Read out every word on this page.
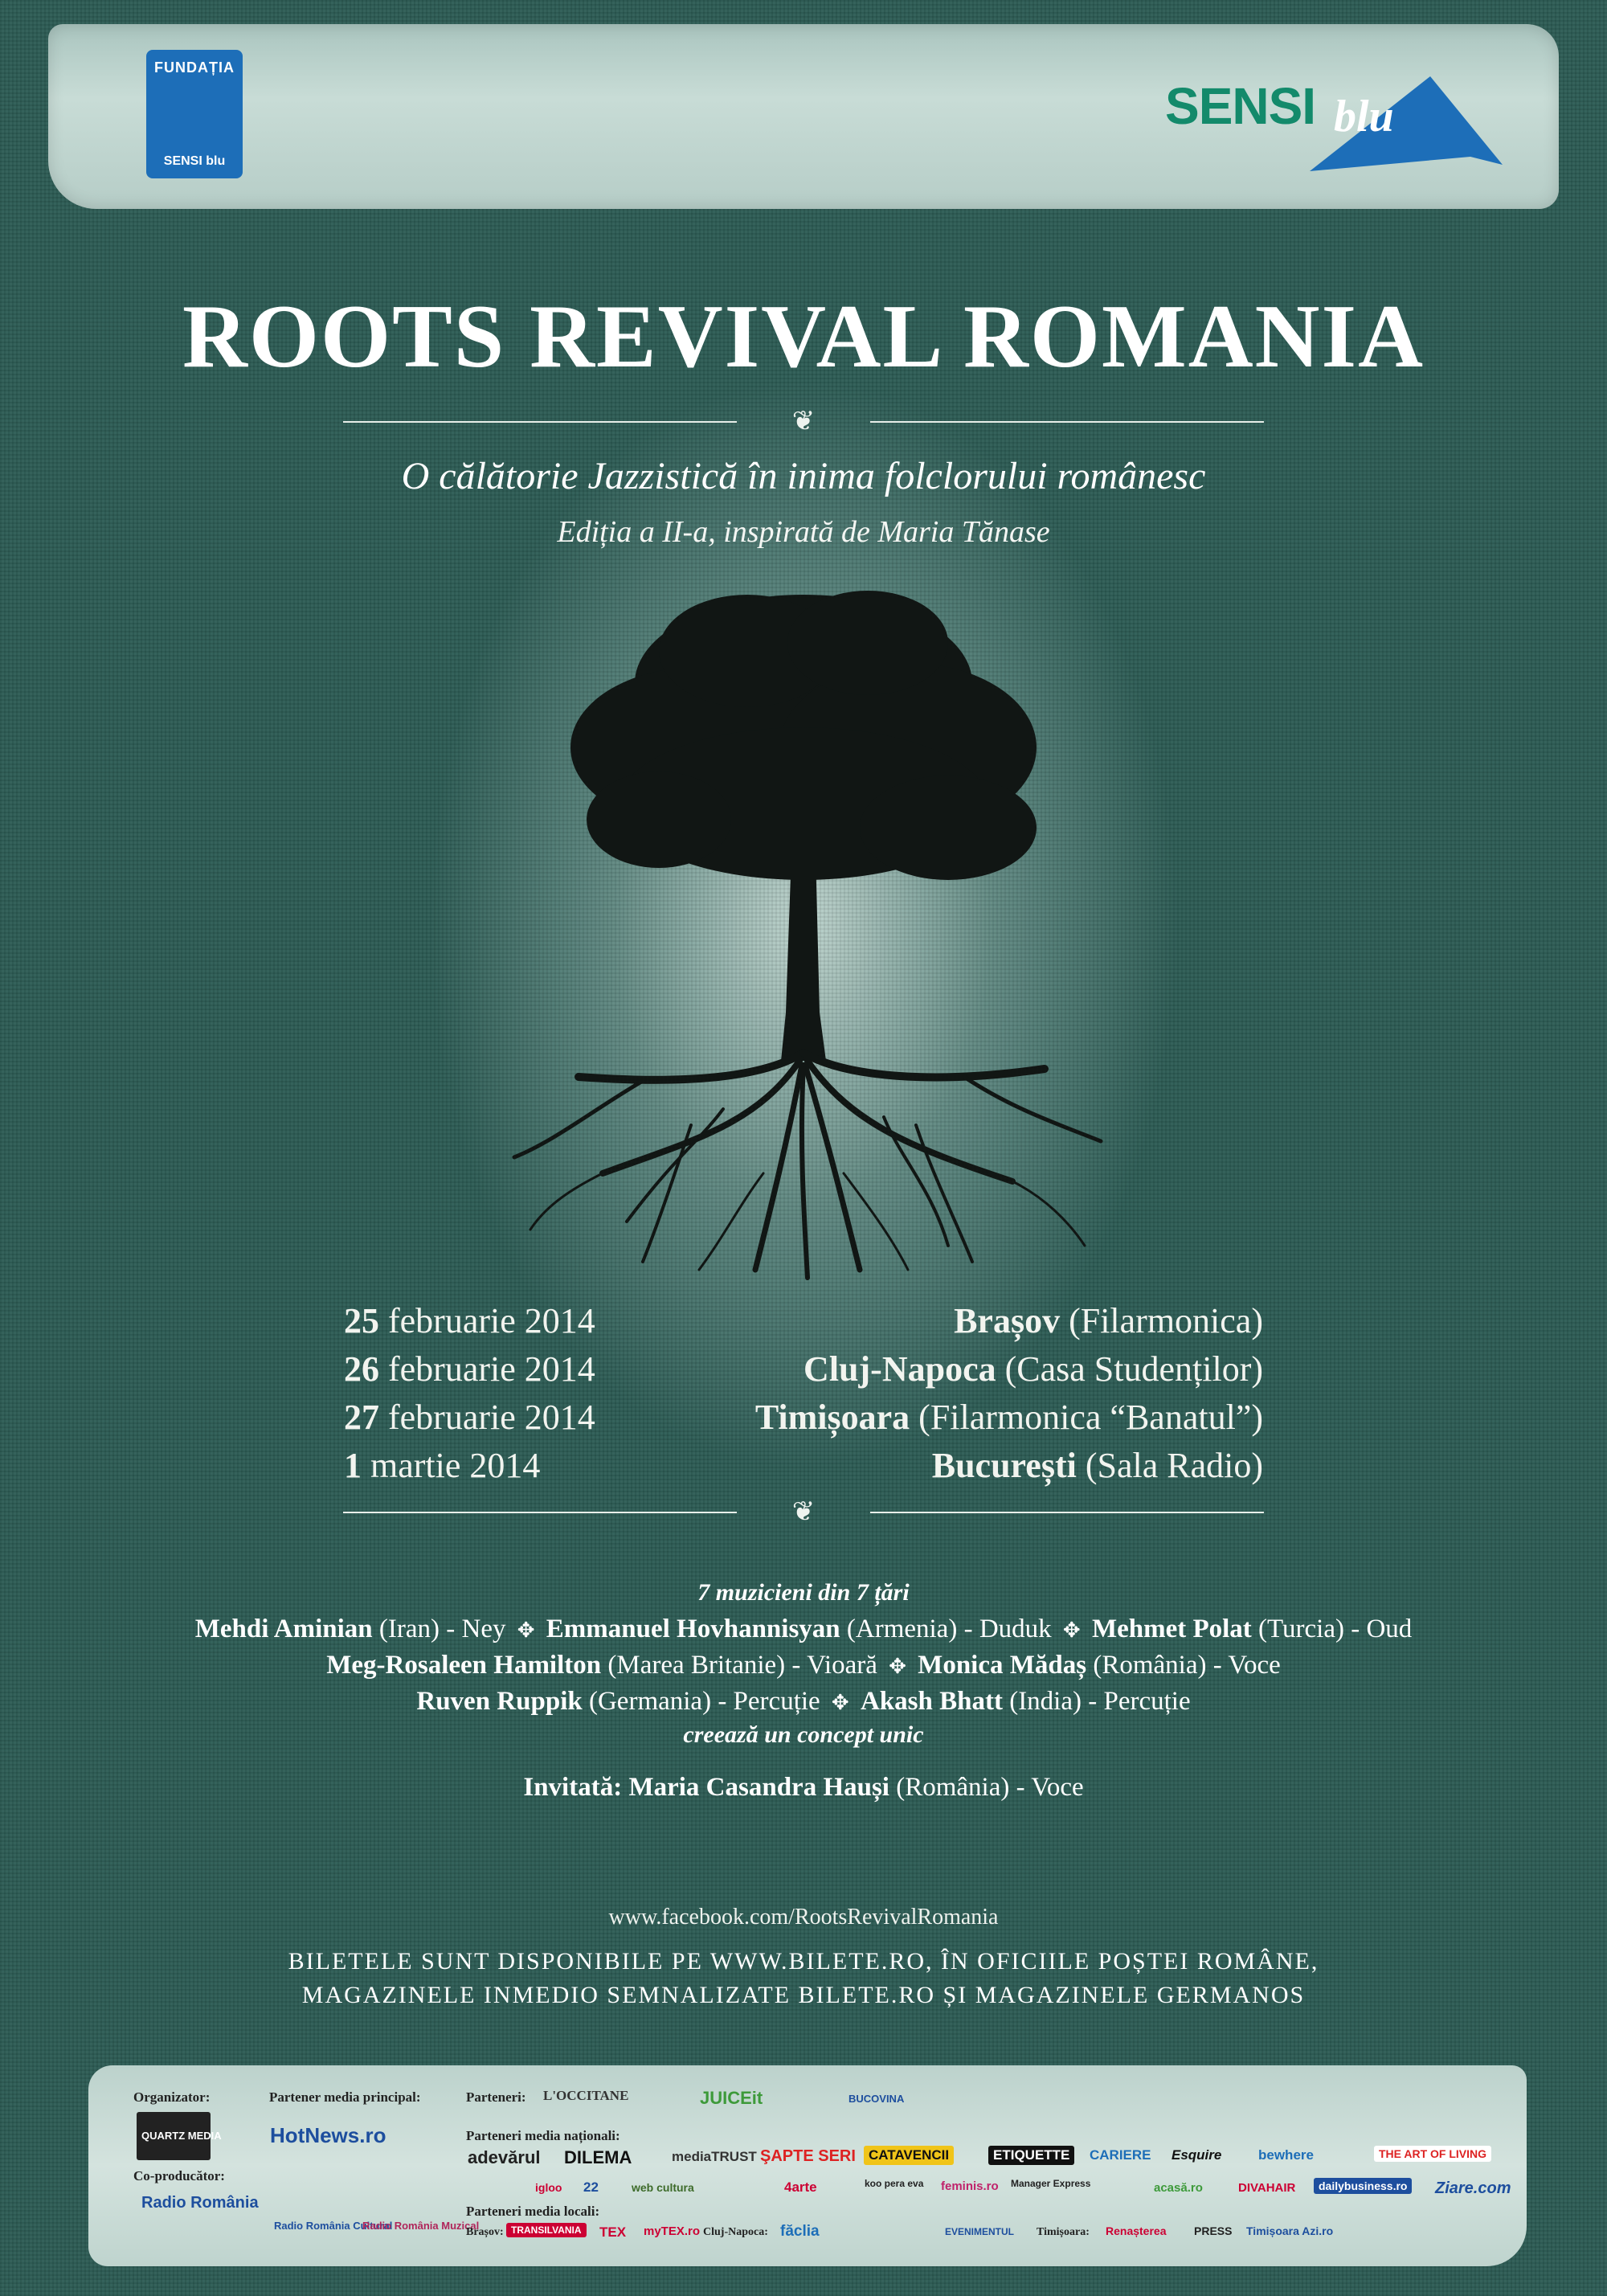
FUNDAȚIA
SENSI blu
SENSI blu
ROOTS REVIVAL ROMANIA
❦
O călătorie Jazzistică în inima folclorului românesc
Ediția a II-a, inspirată de Maria Tănase
25 februarie 2014	Brașov (Filarmonica)
26 februarie 2014	Cluj-Napoca (Casa Studenților)
27 februarie 2014	Timișoara (Filarmonica “Banatul”)
1 martie 2014	București (Sala Radio)
❦
7 muzicieni din 7 țări
Mehdi Aminian (Iran) - Ney ✥ Emmanuel Hovhannisyan (Armenia) - Duduk ✥ Mehmet Polat (Turcia) - Oud
Meg-Rosaleen Hamilton (Marea Britanie) - Vioară ✥ Monica Mădaș (România) - Voce
Ruven Ruppik (Germania) - Percuție ✥ Akash Bhatt (India) - Percuție
creează un concept unic
Invitată: Maria Casandra Hauși (România) - Voce
www.facebook.com/RootsRevivalRomania
BILETELE SUNT DISPONIBILE PE WWW.BILETE.RO, ÎN OFICIILE POȘTEI ROMÂNE,
MAGAZINELE INMEDIO SEMNALIZATE BILETE.RO ȘI MAGAZINELE GERMANOS
Organizator:
QUARTZ MEDIA
Co-producător:
Radio România
Partener media principal:
HotNews.ro
Radio România Cultural
Radio România Muzical
Parteneri:	L'OCCITANE	JUICEit	BUCOVINA
Parteneri media naționali:
adevărul DILEMA	mediaTRUST ŞAPTE SERI CATAVENCII	ETIQUETTE	CARIERE	Esquire	bewhere	THE ART OF LIVING
igloo	22	web cultura	4arte	koo pera eva	feminis.ro	Manager Express	acasă.ro	DIVAHAIR	dailybusiness.ro	Ziare.com
Parteneri media locali:
Brașov: TRANSILVANIA	TEX	myTEX.ro Cluj-Napoca: făclia	EVENIMENTUL	Timișoara:	Renașterea	PRESS	Timișoara Azi.ro
